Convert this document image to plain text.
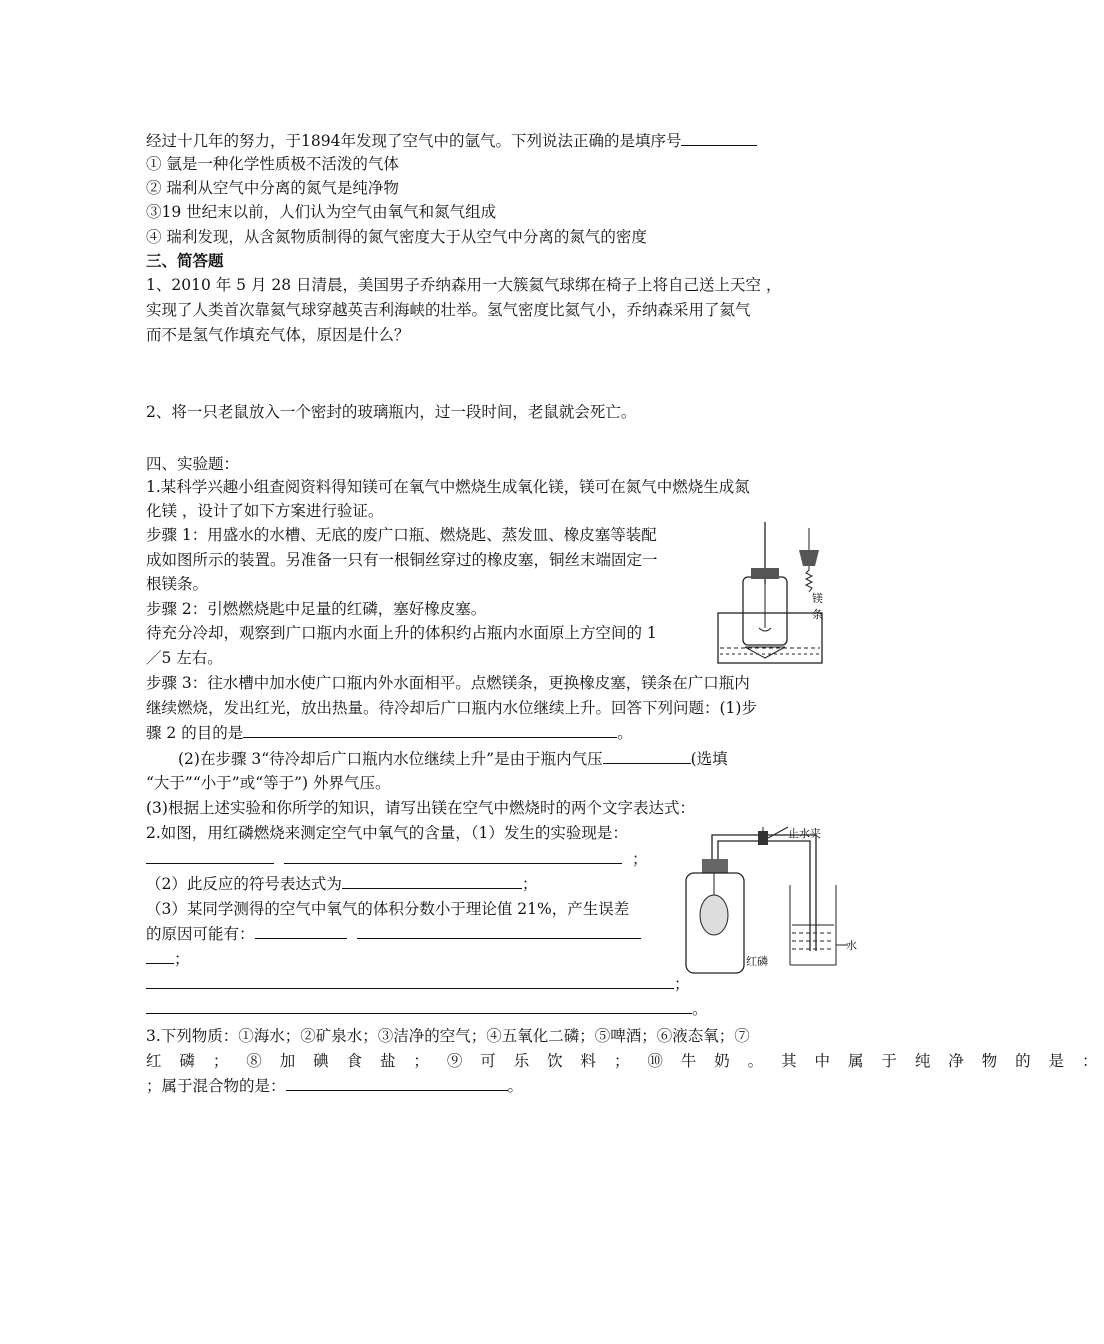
经过十几年的努力，于1894年发现了空气中的氩气。下列说法正确的是填序号
① 氩是一种化学性质极不活泼的气体
② 瑞利从空气中分离的氮气是纯净物
③19 世纪末以前，人们认为空气由氧气和氮气组成
④ 瑞利发现，从含氮物质制得的氮气密度大于从空气中分离的氮气的密度
三、简答题
1、2010 年 5 月 28 日清晨，美国男子乔纳森用一大簇氦气球绑在椅子上将自己送上天空 ，
实现了人类首次靠氦气球穿越英吉利海峡的壮举。氢气密度比氦气小，乔纳森采用了氦气
而不是氢气作填充气体，原因是什么？
2、将一只老鼠放入一个密封的玻璃瓶内，过一段时间，老鼠就会死亡。
四、实验题：
1.某科学兴趣小组查阅资料得知镁可在氧气中燃烧生成氧化镁，镁可在氮气中燃烧生成氮
化镁 ，设计了如下方案进行验证。
步骤 1：用盛水的水槽、无底的废广口瓶、燃烧匙、蒸发皿、橡皮塞等装配
成如图所示的装置。另准备一只有一根铜丝穿过的橡皮塞，铜丝末端固定一
根镁条。
步骤 2：引燃燃烧匙中足量的红磷，塞好橡皮塞。
待充分冷却，观察到广口瓶内水面上升的体积约占瓶内水面原上方空间的 1
／5 左右。
步骤 3：往水槽中加水使广口瓶内外水面相平。点燃镁条，更换橡皮塞，镁条在广口瓶内
继续燃烧，发出红光，放出热量。待冷却后广口瓶内水位继续上升。回答下列问题：(1)步
骤 2 的目的是	。
(2)在步骤 3“待冷却后广口瓶内水位继续上升”是由于瓶内气压	(选填
“大于”“小于”或“等于”) 外界气压。
(3)根据上述实验和你所学的知识，请写出镁在空气中燃烧时的两个文字表达式：
镁条
2.如图，用红磷燃烧来测定空气中氧气的含量，（1）发生的实验现是：
；
（2）此反应的符号表达式为	；
（3）某同学测得的空气中氧气的体积分数小于理论值 21%，产生误差
的原因可能有：
；
；
。
止水夹
红磷
水
3.下列物质：①海水；②矿泉水；③洁净的空气；④五氧化二磷；⑤啤酒；⑥液态氧；⑦
红 磷 ； ⑧ 加 碘 食 盐 ； ⑨ 可 乐 饮 料 ； ⑩ 牛 奶 。 其 中 属 于 纯 净 物 的 是 ：
；属于混合物的是：	。
